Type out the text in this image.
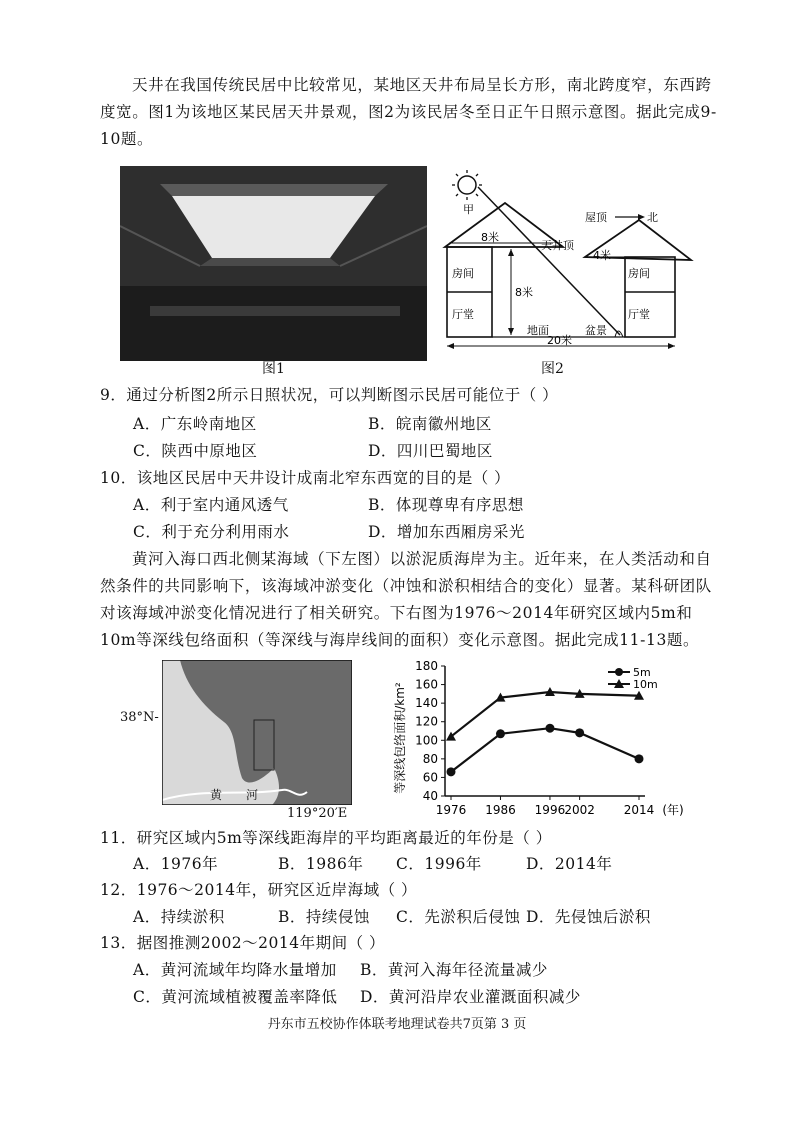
天井在我国传统民居中比较常见，某地区天井布局呈长方形，南北跨度窄，东西跨度宽。图1为该地区某民居天井景观，图2为该民居冬至日正午日照示意图。据此完成9-10题。

图1
甲
房间
厅堂
8米
8米
天井顶
屋顶	北
房间
厅堂
4米
地面	盆景
20米
图2
9．通过分析图2所示日照状况，可以判断图示民居可能位于（ ）
A．广东岭南地区	B．皖南徽州地区
C．陕西中原地区	D．四川巴蜀地区
10．该地区民居中天井设计成南北窄东西宽的目的是（ ）
A．利于室内通风透气	B．体现尊卑有序思想
C．利于充分利用雨水	D．增加东西厢房采光

黄河入海口西北侧某海域（下左图）以淤泥质海岸为主。近年来，在人类活动和自然条件的共同影响下，该海域冲淤变化（冲蚀和淤积相结合的变化）显著。某科研团队对该海域冲淤变化情况进行了相关研究。下右图为1976～2014年研究区域内5m和10m等深线包络面积（等深线与海岸线间的面积）变化示意图。据此完成11-13题。

38°N-
黄　　河
119°20′E
等深线包络面积/km²
40
60
80
100
120
140
160
180
1976 1986 1996 2002 2014 (年)
5m
10m
11．研究区域内5m等深线距海岸的平均距离最近的年份是（ ）
A．1976年	B．1986年 C．1996年	D．2014年
12．1976～2014年，研究区近岸海域（ ）
A．持续淤积	B．持续侵蚀 C．先淤积后侵蚀 D．先侵蚀后淤积
13．据图推测2002～2014年期间（ ）
A．黄河流域年均降水量增加 B．黄河入海年径流量减少
C．黄河流域植被覆盖率降低 D．黄河沿岸农业灌溉面积减少
丹东市五校协作体联考地理试卷共7页第 3 页
